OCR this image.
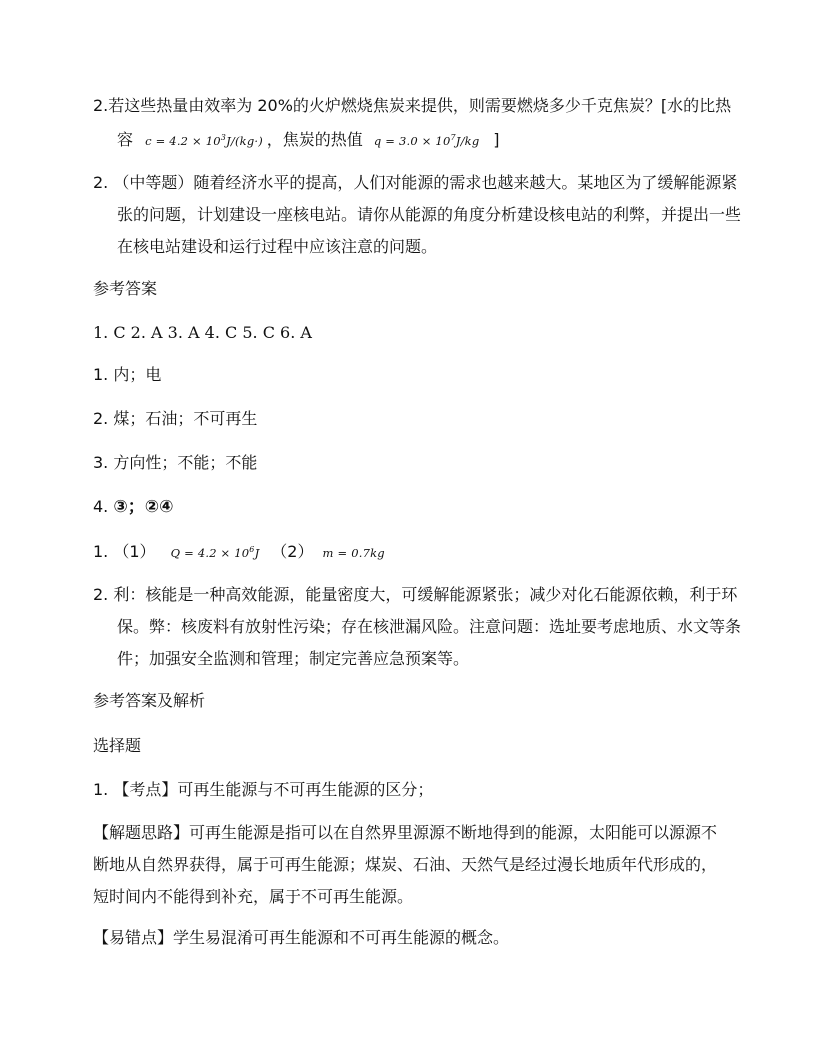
2.若这些热量由效率为 20%的火炉燃烧焦炭来提供，则需要燃烧多少千克焦炭？[水的比热
容 $c = 4.2 \times 10^3J/(kg\cdot)$ ，焦炭的热值 $q = 3.0 \times 10^7J/kg$ ]
2. （中等题）随着经济水平的提高，人们对能源的需求也越来越大。某地区为了缓解能源紧张的问题，计划建设一座核电站。请你从能源的角度分析建设核电站的利弊，并提出一些在核电站建设和运行过程中应该注意的问题。
参考答案
1. C 2. A 3. A 4. C 5. C 6. A
1. 内；电
2. 煤；石油；不可再生
3. 方向性；不能；不能
4. ③；②④
1. （1） $Q = 4.2 \times 10^6J$ （2） m = 0.7kg
2. 利：核能是一种高效能源，能量密度大，可缓解能源紧张；减少对化石能源依赖，利于环保。弊：核废料有放射性污染；存在核泄漏风险。注意问题：选址要考虑地质、水文等条件；加强安全监测和管理；制定完善应急预案等。
参考答案及解析
选择题
1. 【考点】可再生能源与不可再生能源的区分；
【解题思路】可再生能源是指可以在自然界里源源不断地得到的能源，太阳能可以源源不断地从自然界获得，属于可再生能源；煤炭、石油、天然气是经过漫长地质年代形成的，短时间内不能得到补充，属于不可再生能源。
【易错点】学生易混淆可再生能源和不可再生能源的概念。
